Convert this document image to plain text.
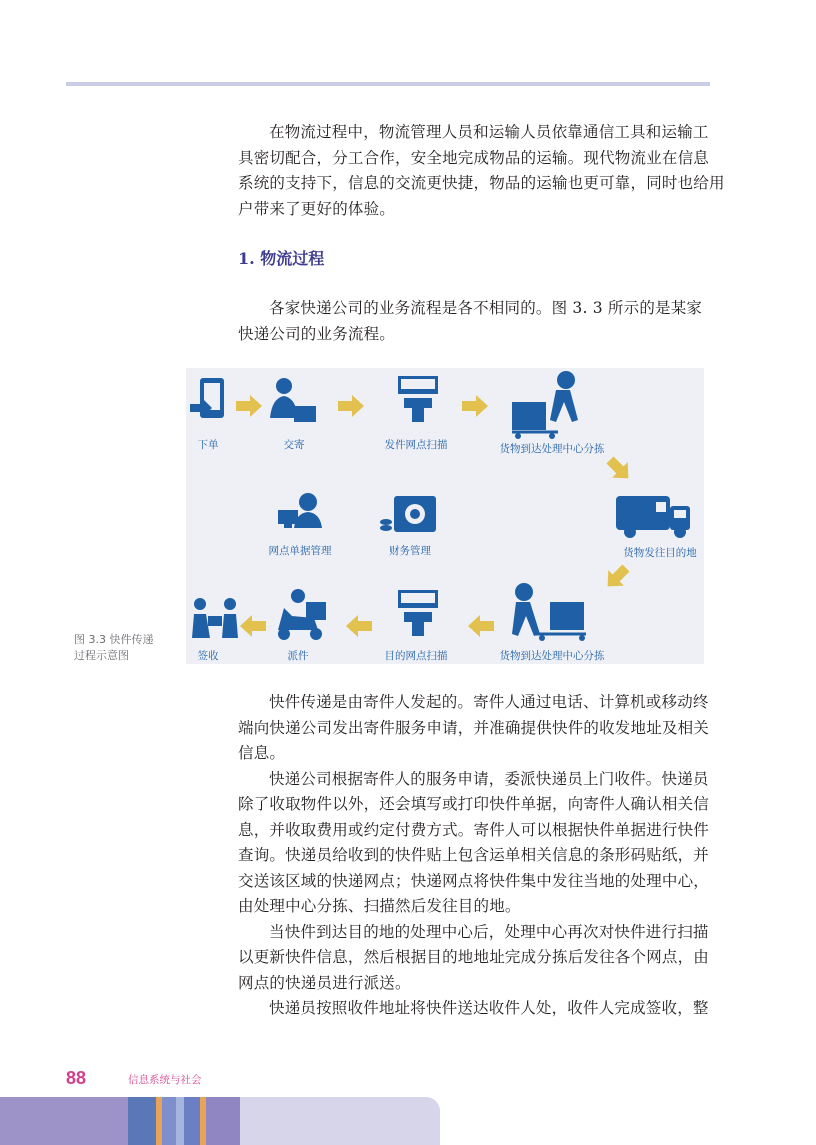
在物流过程中，物流管理人员和运输人员依靠通信工具和运输工
具密切配合，分工合作，安全地完成物品的运输。现代物流业在信息
系统的支持下，信息的交流更快捷，物品的运输也更可靠，同时也给用
户带来了更好的体验。
1. 物流过程
各家快递公司的业务流程是各不相同的。图 3. 3 所示的是某家
快递公司的业务流程。
下单	交寄	发件网点扫描	货物到达处理中心分拣
货物发往目的地
网点单据管理	财务管理
货物到达处理中心分拣
目的网点扫描
派件
签收
图 3.3 快件传递
过程示意图
快件传递是由寄件人发起的。寄件人通过电话、计算机或移动终
端向快递公司发出寄件服务申请，并准确提供快件的收发地址及相关
信息。
快递公司根据寄件人的服务申请，委派快递员上门收件。快递员
除了收取物件以外，还会填写或打印快件单据，向寄件人确认相关信
息，并收取费用或约定付费方式。寄件人可以根据快件单据进行快件
查询。快递员给收到的快件贴上包含运单相关信息的条形码贴纸，并
交送该区域的快递网点；快递网点将快件集中发往当地的处理中心，
由处理中心分拣、扫描然后发往目的地。
当快件到达目的地的处理中心后，处理中心再次对快件进行扫描
以更新快件信息，然后根据目的地地址完成分拣后发往各个网点，由
网点的快递员进行派送。
快递员按照收件地址将快件送达收件人处，收件人完成签收，整
88	信息系统与社会
